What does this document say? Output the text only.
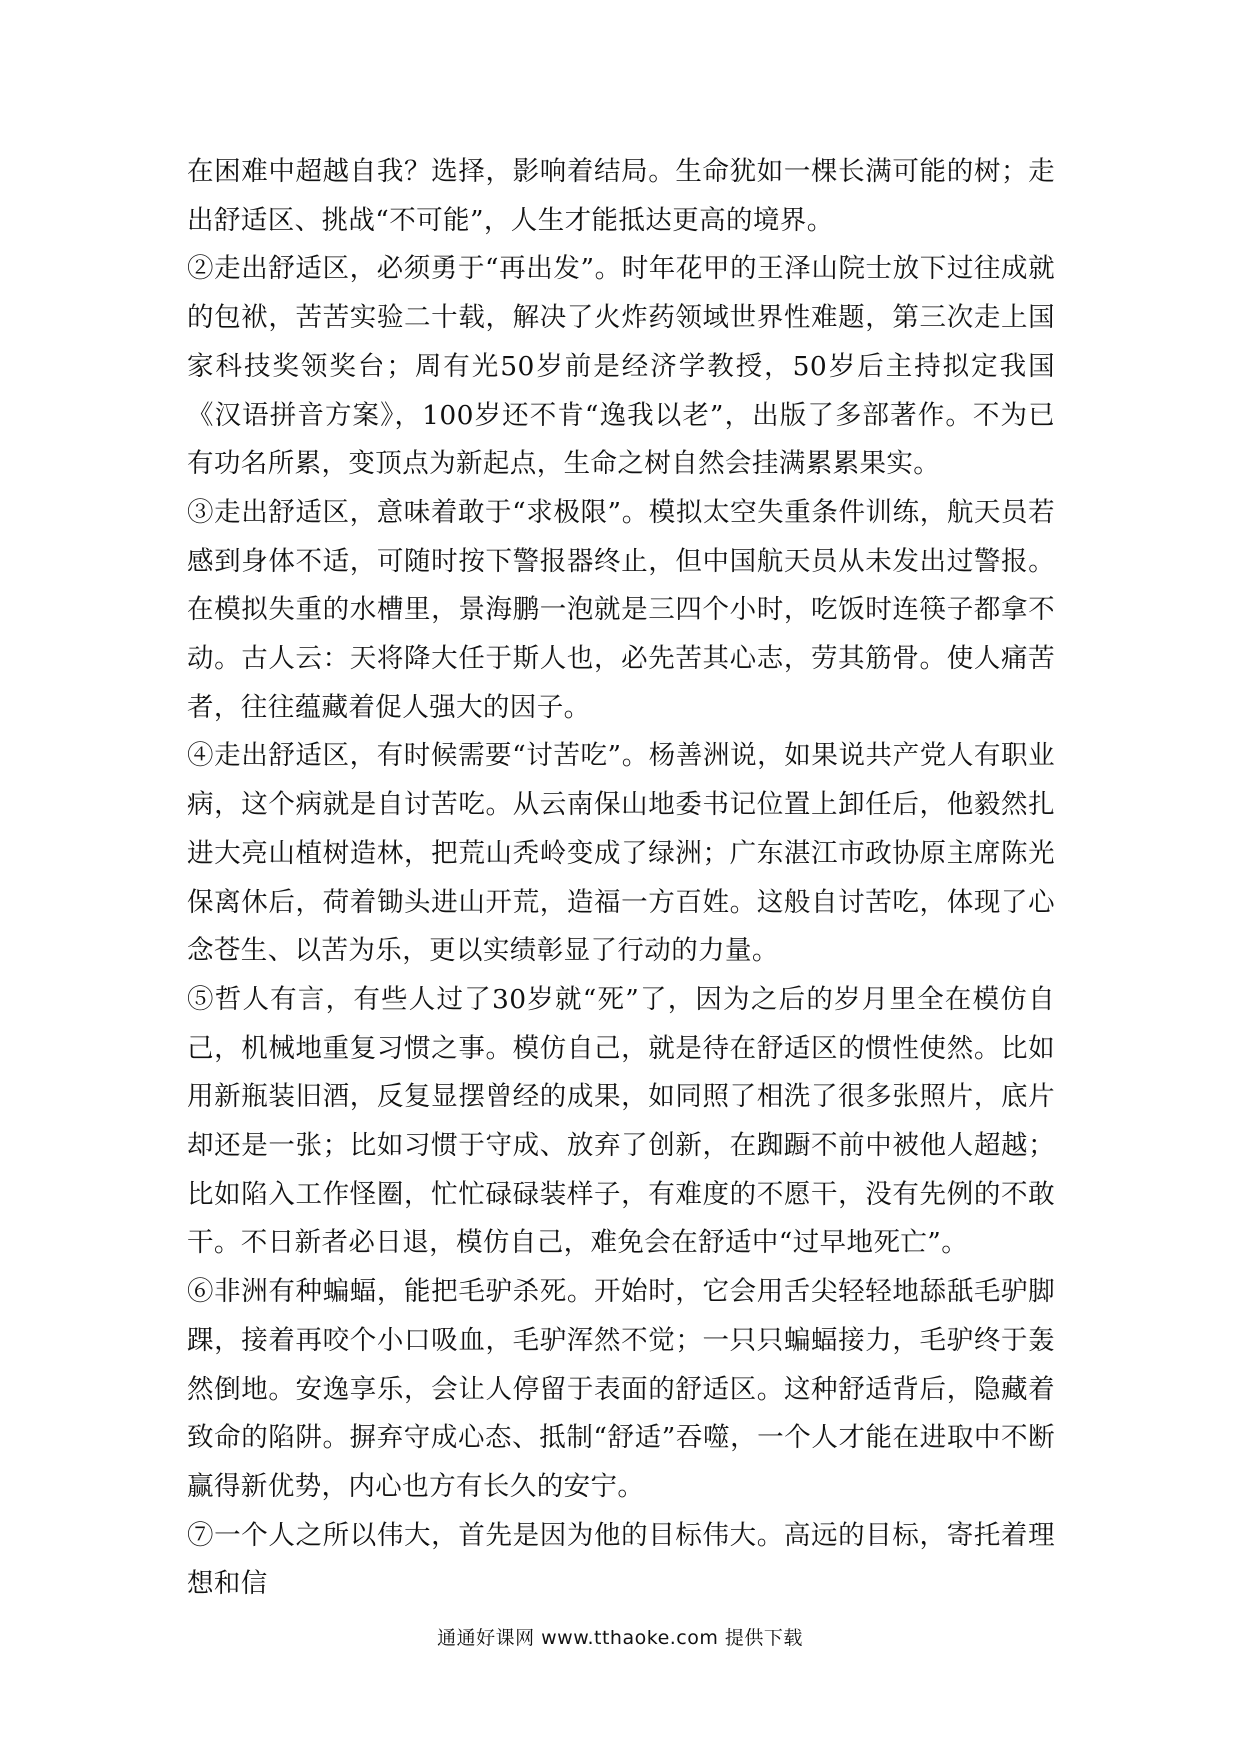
在困难中超越自我？选择，影响着结局。生命犹如一棵长满可能的树；走出舒适区、挑战“不可能”，人生才能抵达更高的境界。

②走出舒适区，必须勇于“再出发”。时年花甲的王泽山院士放下过往成就的包袱，苦苦实验二十载，解决了火炸药领域世界性难题，第三次走上国家科技奖领奖台；周有光50岁前是经济学教授，50岁后主持拟定我国《汉语拼音方案》，100岁还不肯“逸我以老”，出版了多部著作。不为已有功名所累，变顶点为新起点，生命之树自然会挂满累累果实。

③走出舒适区，意味着敢于“求极限”。模拟太空失重条件训练，航天员若感到身体不适，可随时按下警报器终止，但中国航天员从未发出过警报。在模拟失重的水槽里，景海鹏一泡就是三四个小时，吃饭时连筷子都拿不动。古人云：天将降大任于斯人也，必先苦其心志，劳其筋骨。使人痛苦者，往往蕴藏着促人强大的因子。

④走出舒适区，有时候需要“讨苦吃”。杨善洲说，如果说共产党人有职业病，这个病就是自讨苦吃。从云南保山地委书记位置上卸任后，他毅然扎进大亮山植树造林，把荒山秃岭变成了绿洲；广东湛江市政协原主席陈光保离休后，荷着锄头进山开荒，造福一方百姓。这般自讨苦吃，体现了心念苍生、以苦为乐，更以实绩彰显了行动的力量。

⑤哲人有言，有些人过了30岁就“死”了，因为之后的岁月里全在模仿自己，机械地重复习惯之事。模仿自己，就是待在舒适区的惯性使然。比如用新瓶装旧酒，反复显摆曾经的成果，如同照了相洗了很多张照片，底片却还是一张；比如习惯于守成、放弃了创新，在踟蹰不前中被他人超越；比如陷入工作怪圈，忙忙碌碌装样子，有难度的不愿干，没有先例的不敢干。不日新者必日退，模仿自己，难免会在舒适中“过早地死亡”。

⑥非洲有种蝙蝠，能把毛驴杀死。开始时，它会用舌尖轻轻地舔舐毛驴脚踝，接着再咬个小口吸血，毛驴浑然不觉；一只只蝙蝠接力，毛驴终于轰然倒地。安逸享乐，会让人停留于表面的舒适区。这种舒适背后，隐藏着致命的陷阱。摒弃守成心态、抵制“舒适”吞噬，一个人才能在进取中不断赢得新优势，内心也方有长久的安宁。

⑦一个人之所以伟大，首先是因为他的目标伟大。高远的目标，寄托着理想和信

通通好课网 www.tthaoke.com 提供下载
